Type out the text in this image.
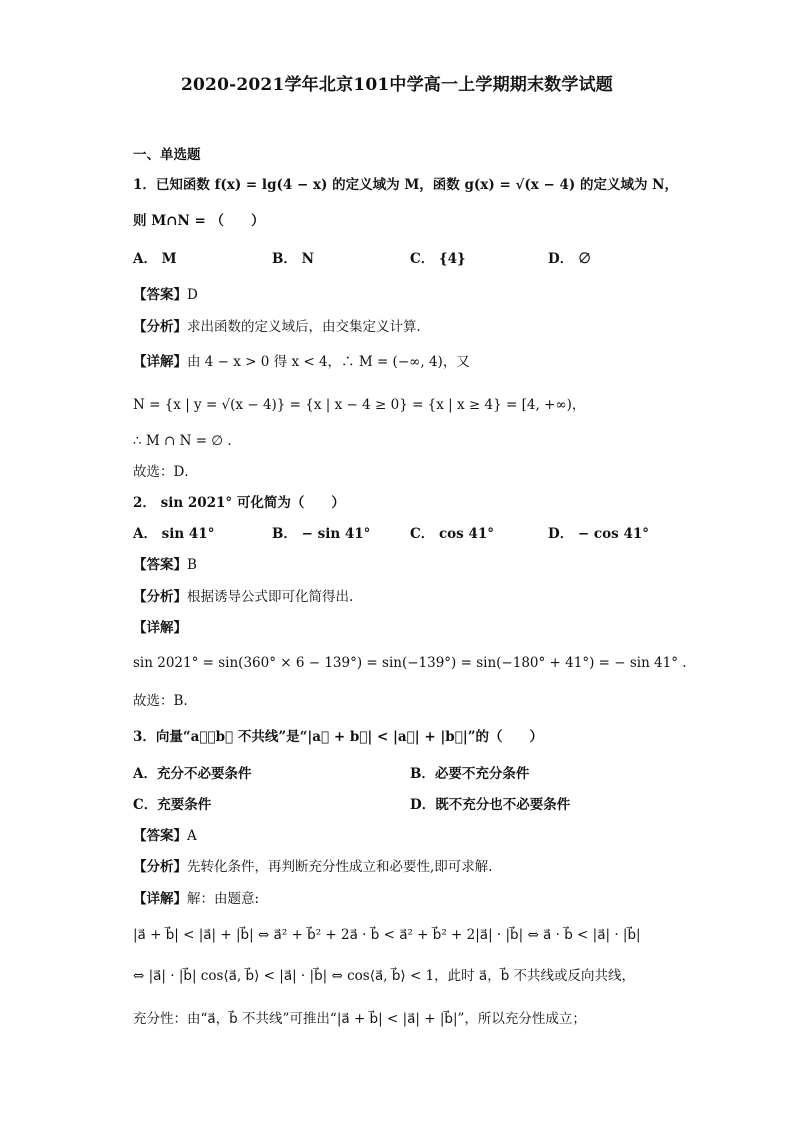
2020-2021学年北京101中学高一上学期期末数学试题
一、单选题
1．已知函数 f(x) = lg(4 − x) 的定义域为 M，函数 g(x) = √(x − 4) 的定义域为 N，
则 M∩N = （　　）
A． M	B． N	C． {4}	D． ∅
【答案】D
【分析】求出函数的定义域后，由交集定义计算．
【详解】由 4 − x > 0 得 x < 4，∴ M = (−∞, 4)，又
N = {x | y = √(x − 4)} = {x | x − 4 ≥ 0} = {x | x ≥ 4} = [4, +∞)，
∴ M ∩ N = ∅ ．
故选：D．
2． sin 2021° 可化简为（　　）
A． sin 41°	B． − sin 41°	C． cos 41°	D． − cos 41°
【答案】B
【分析】根据诱导公式即可化简得出.
【详解】
sin 2021° = sin(360° × 6 − 139°) = sin(−139°) = sin(−180° + 41°) = − sin 41° .
故选：B.
3．向量“a⃗，b⃗ 不共线”是“|a⃗ + b⃗| < |a⃗| + |b⃗|”的（　　）
A．充分不必要条件	B．必要不充分条件
C．充要条件	D．既不充分也不必要条件
【答案】A
【分析】先转化条件，再判断充分性成立和必要性,即可求解.
【详解】解：由题意:
|a⃗ + b⃗| < |a⃗| + |b⃗| ⇔ a⃗² + b⃗² + 2a⃗ · b⃗ < a⃗² + b⃗² + 2|a⃗| · |b⃗| ⇔ a⃗ · b⃗ < |a⃗| · |b⃗|
⇔ |a⃗| · |b⃗| cos⟨a⃗, b⃗⟩ < |a⃗| · |b⃗| ⇔ cos⟨a⃗, b⃗⟩ < 1，此时 a⃗，b⃗ 不共线或反向共线，
充分性：由“a⃗，b⃗ 不共线”可推出“|a⃗ + b⃗| < |a⃗| + |b⃗|”，所以充分性成立；
